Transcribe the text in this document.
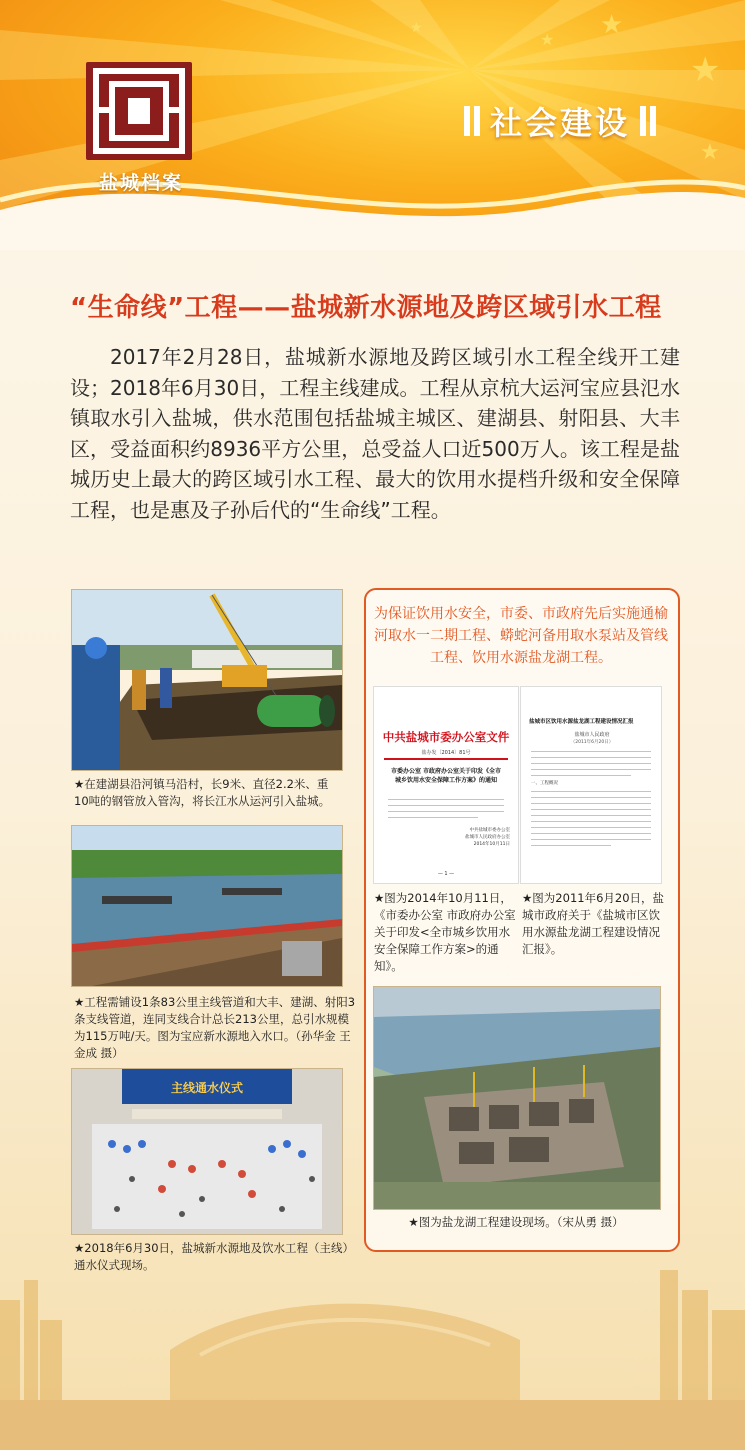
★
★
★
★
★
盐城档案
社会建设
“生命线”工程——盐城新水源地及跨区域引水工程
2017年2月28日，盐城新水源地及跨区域引水工程全线开工建设；2018年6月30日，工程主线建成。工程从京杭大运河宝应县氾水镇取水引入盐城，供水范围包括盐城主城区、建湖县、射阳县、大丰区，受益面积约8936平方公里，总受益人口近500万人。该工程是盐城历史上最大的跨区域引水工程、最大的饮用水提档升级和安全保障工程，也是惠及子孙后代的“生命线”工程。
★在建湖县沿河镇马沿村，长9米、直径2.2米、重10吨的钢管放入管沟，将长江水从运河引入盐城。
★工程需铺设1条83公里主线管道和大丰、建湖、射阳3条支线管道，连同支线合计总长213公里，总引水规模为115万吨/天。图为宝应新水源地入水口。（孙华金 王金成 摄）
主线通水仪式
★2018年6月30日，盐城新水源地及饮水工程（主线）通水仪式现场。
为保证饮用水安全，市委、市政府先后实施通榆河取水一二期工程、蟒蛇河备用取水泵站及管线工程、饮用水源盐龙湖工程。
中共盐城市委办公室文件
盐办发〔2014〕81号
市委办公室 市政府办公室关于印发《全市城乡饮用水安全保障工作方案》的通知
中共盐城市委办公室
盐城市人民政府办公室
2014年10月11日
— 1 —
盐城市区饮用水源盐龙湖工程建设情况汇报
盐城市人民政府
（2011年6月20日）
一、工程概况
★图为2014年10月11日，《市委办公室 市政府办公室关于印发<全市城乡饮用水安全保障工作方案>的通知》。
★图为2011年6月20日，盐城市政府关于《盐城市区饮用水源盐龙湖工程建设情况汇报》。
★图为盐龙湖工程建设现场。（宋从勇 摄）
